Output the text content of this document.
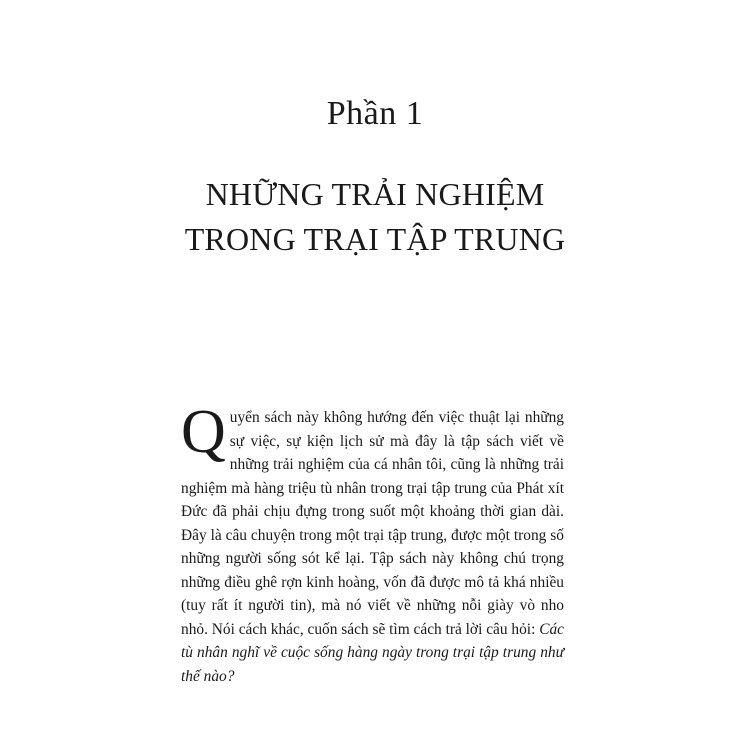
Phần 1
NHỮNG TRẢI NGHIỆM
TRONG TRẠI TẬP TRUNG
Quyển sách này không hướng đến việc thuật lại những sự việc, sự kiện lịch sử mà đây là tập sách viết về những trải nghiệm của cá nhân tôi, cũng là những trải nghiệm mà hàng triệu tù nhân trong trại tập trung của Phát xít Đức đã phải chịu đựng trong suốt một khoảng thời gian dài. Đây là câu chuyện trong một trại tập trung, được một trong số những người sống sót kể lại. Tập sách này không chú trọng những điều ghê rợn kinh hoàng, vốn đã được mô tả khá nhiều (tuy rất ít người tin), mà nó viết về những nỗi giày vò nho nhỏ. Nói cách khác, cuốn sách sẽ tìm cách trả lời câu hỏi: Các tù nhân nghĩ về cuộc sống hàng ngày trong trại tập trung như thế nào?
